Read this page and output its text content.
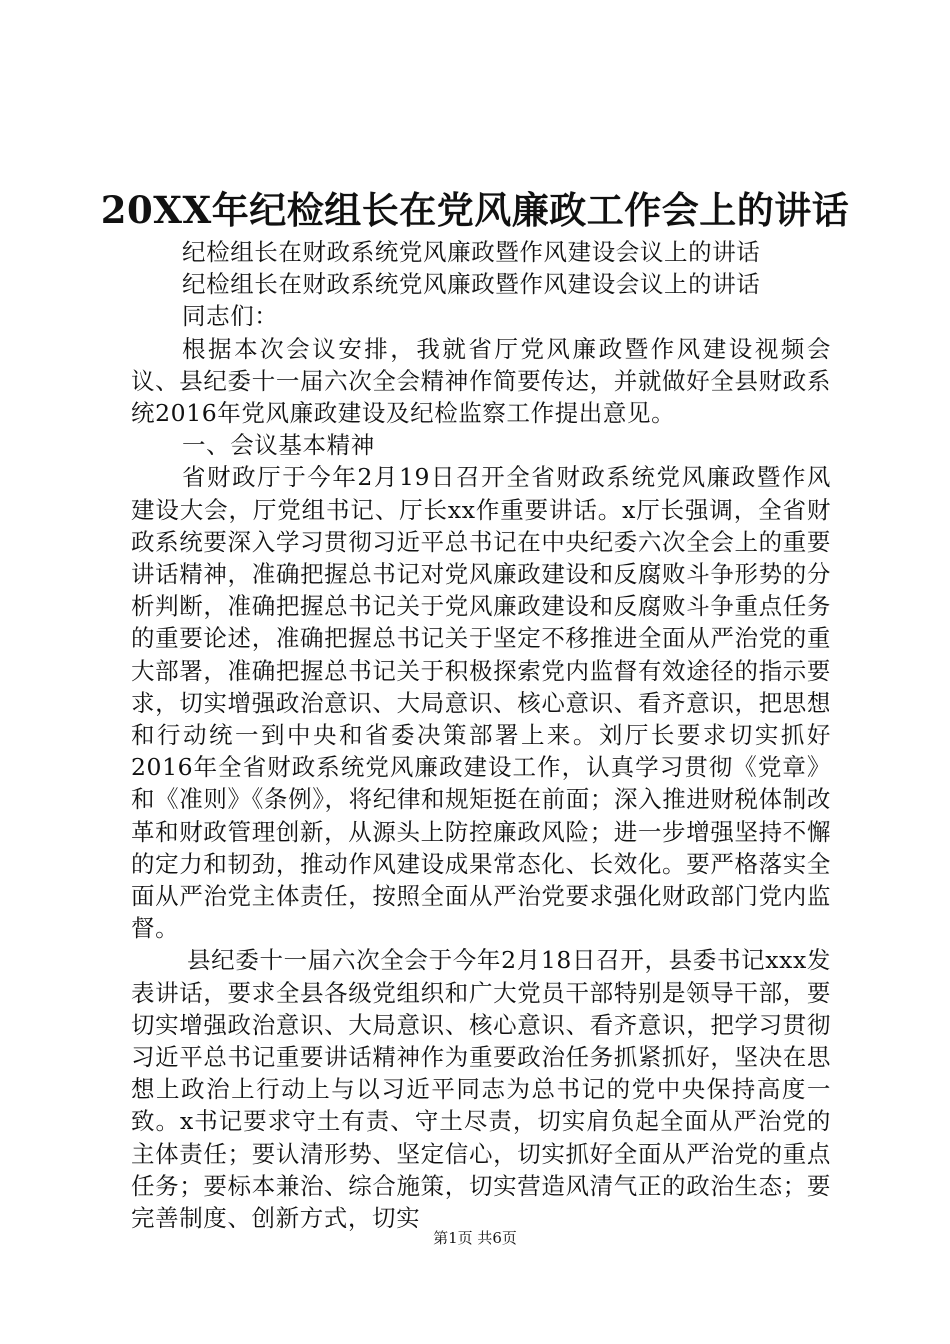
20XX年纪检组长在党风廉政工作会上的讲话

纪检组长在财政系统党风廉政暨作风建设会议上的讲话

纪检组长在财政系统党风廉政暨作风建设会议上的讲话

同志们：

根据本次会议安排，我就省厅党风廉政暨作风建设视频会议、县纪委十一届六次全会精神作简要传达，并就做好全县财政系统2016年党风廉政建设及纪检监察工作提出意见。

一、会议基本精神

省财政厅于今年2月19日召开全省财政系统党风廉政暨作风建设大会，厅党组书记、厅长xx作重要讲话。x厅长强调，全省财政系统要深入学习贯彻习近平总书记在中央纪委六次全会上的重要讲话精神，准确把握总书记对党风廉政建设和反腐败斗争形势的分析判断，准确把握总书记关于党风廉政建设和反腐败斗争重点任务的重要论述，准确把握总书记关于坚定不移推进全面从严治党的重大部署，准确把握总书记关于积极探索党内监督有效途径的指示要求，切实增强政治意识、大局意识、核心意识、看齐意识，把思想和行动统一到中央和省委决策部署上来。刘厅长要求切实抓好2016年全省财政系统党风廉政建设工作，认真学习贯彻《党章》和《准则》《条例》，将纪律和规矩挺在前面；深入推进财税体制改革和财政管理创新，从源头上防控廉政风险；进一步增强坚持不懈的定力和韧劲，推动作风建设成果常态化、长效化。要严格落实全面从严治党主体责任，按照全面从严治党要求强化财政部门党内监督。

县纪委十一届六次全会于今年2月18日召开，县委书记xxx发表讲话，要求全县各级党组织和广大党员干部特别是领导干部，要切实增强政治意识、大局意识、核心意识、看齐意识，把学习贯彻习近平总书记重要讲话精神作为重要政治任务抓紧抓好，坚决在思想上政治上行动上与以习近平同志为总书记的党中央保持高度一致。x书记要求守土有责、守土尽责，切实肩负起全面从严治党的主体责任；要认清形势、坚定信心，切实抓好全面从严治党的重点任务；要标本兼治、综合施策，切实营造风清气正的政治生态；要完善制度、创新方式，切实

第1页 共6页
